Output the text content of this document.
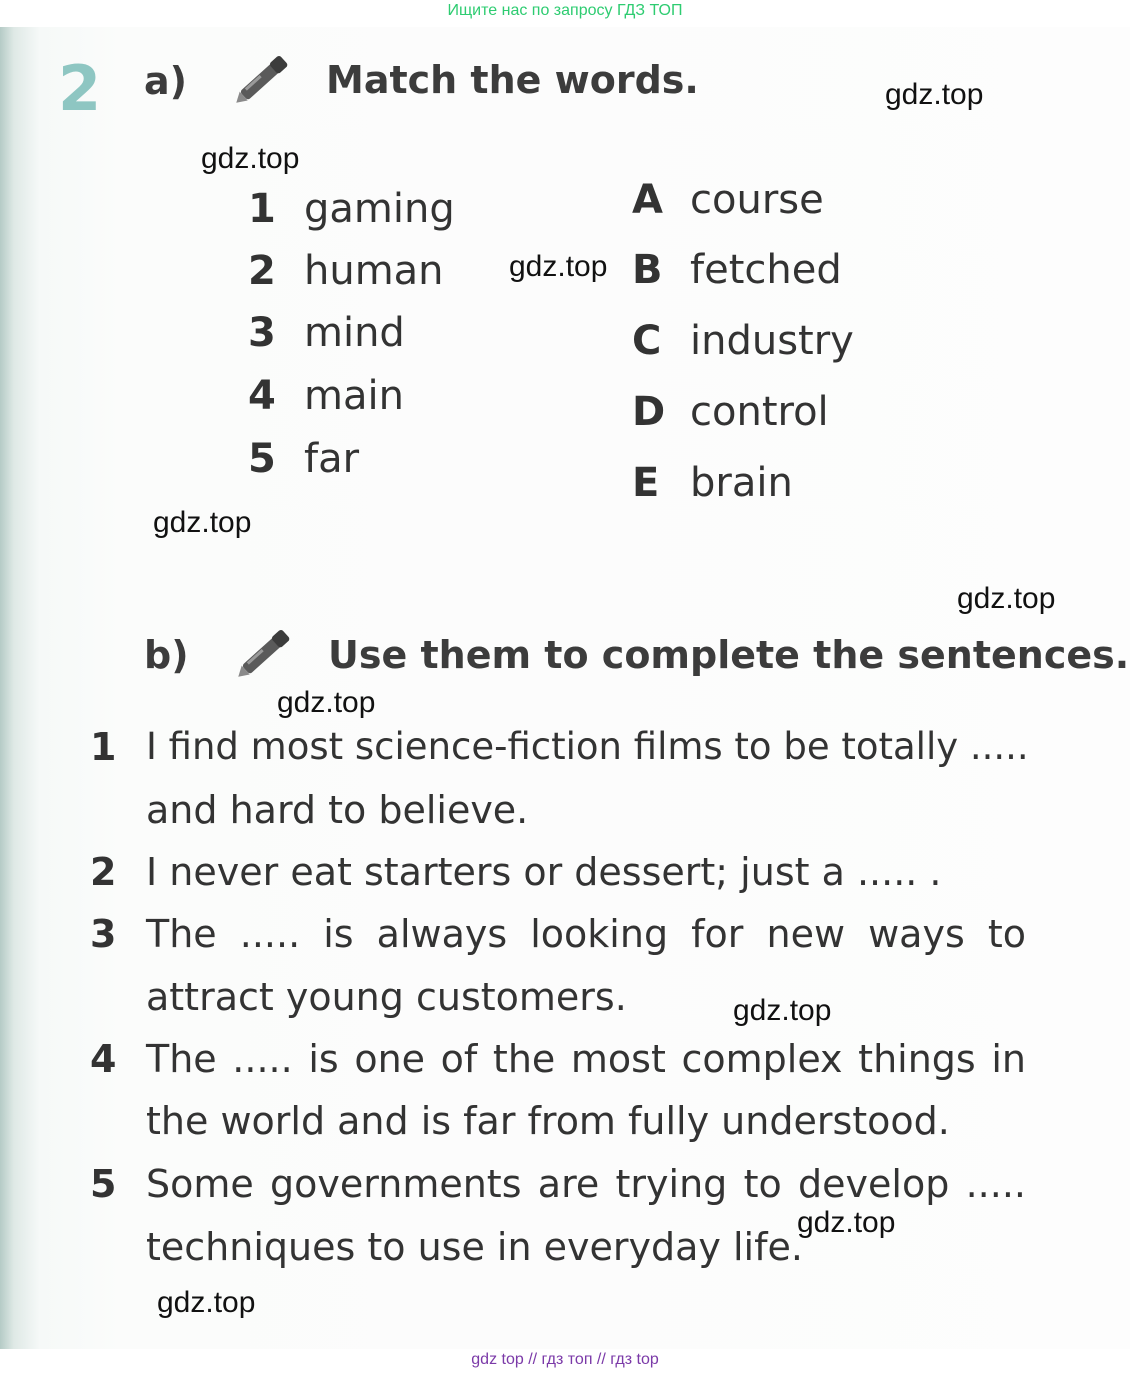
Ищите нас по запросу ГДЗ ТОП
2 a)	Match the words.
1 gaming
2 human
3 mind
4 main
5 far
A course
B fetched
C industry
D control
E brain
b)	Use them to complete the sentences.
1 I find most science-fiction films to be totally .....
and hard to believe.
2 I never eat starters or dessert; just a ..... .
3 The ..... is always looking for new ways to
attract young customers.
4 The ..... is one of the most complex things in
the world and is far from fully understood.
5 Some governments are trying to develop .....
techniques to use in everyday life.
gdz.top
gdz.top
gdz.top
gdz.top
gdz.top
gdz.top
gdz.top
gdz.top
gdz.top
gdz top // гдз топ // гдз top
